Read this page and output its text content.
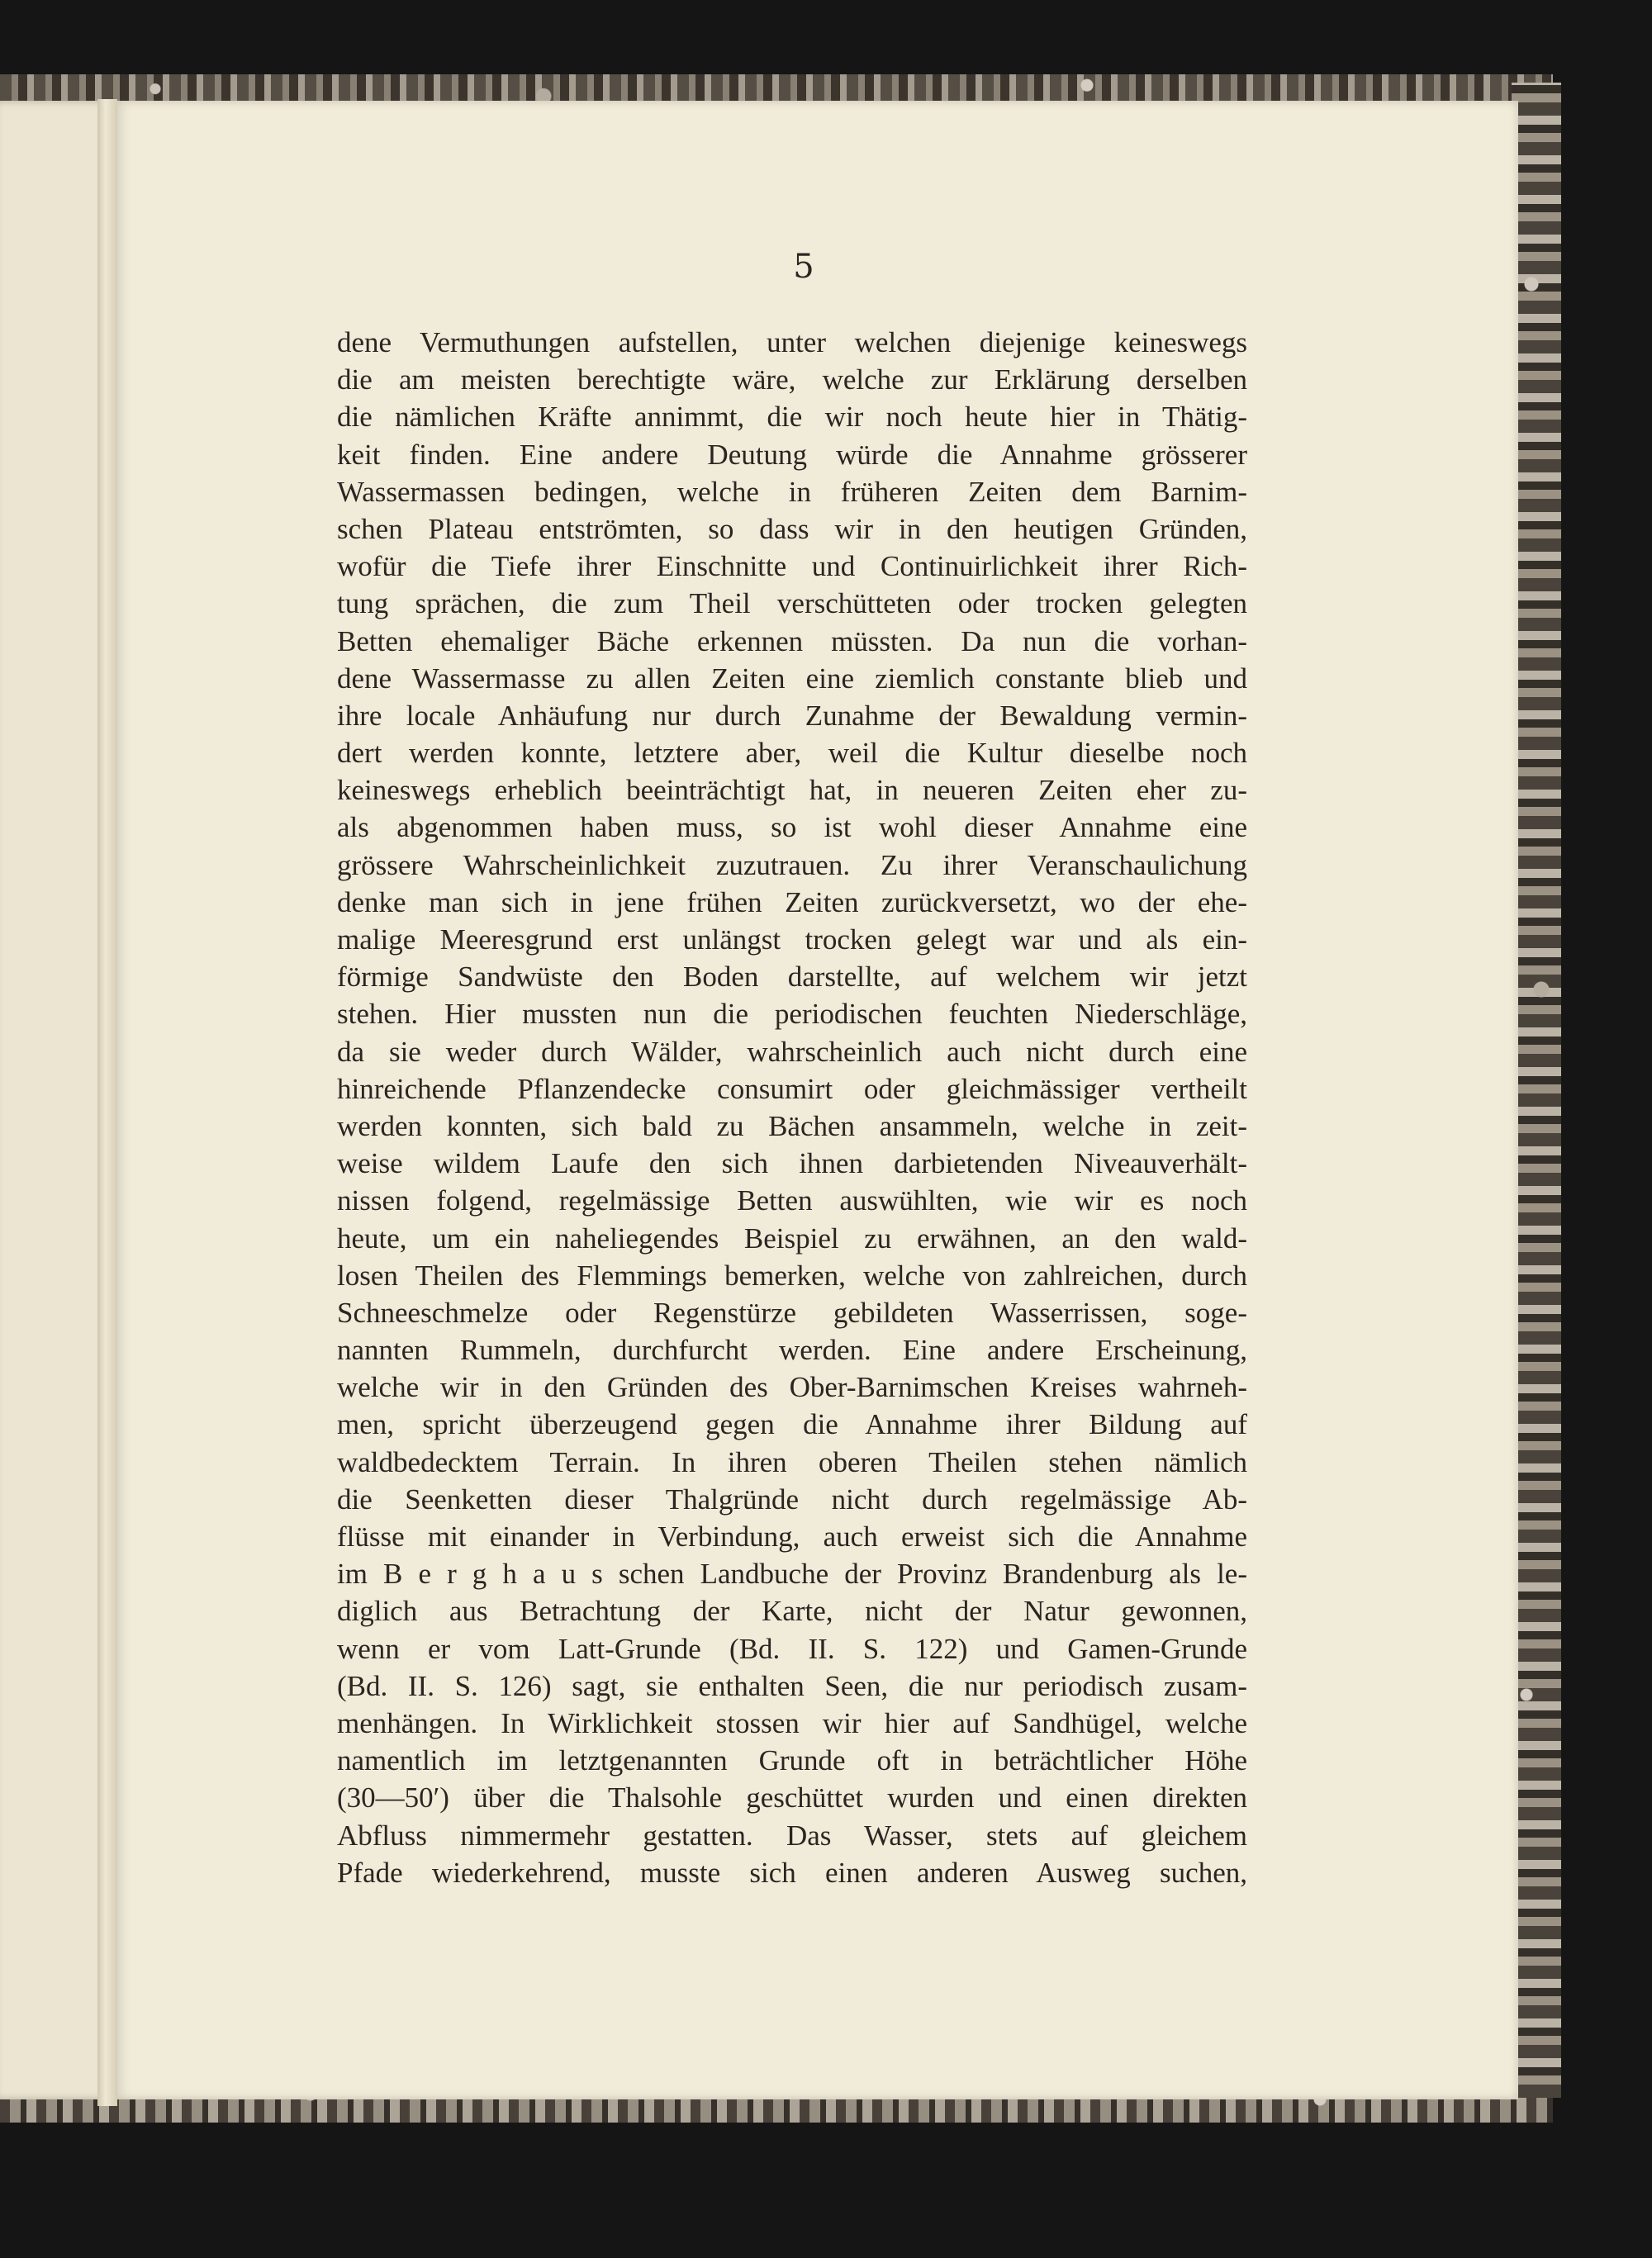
5
dene Vermuthungen aufstellen, unter welchen diejenige keineswegs
die am meisten berechtigte wäre, welche zur Erklärung derselben
die nämlichen Kräfte annimmt, die wir noch heute hier in Thätig-
keit finden. Eine andere Deutung würde die Annahme grösserer
Wassermassen bedingen, welche in früheren Zeiten dem Barnim-
schen Plateau entströmten, so dass wir in den heutigen Gründen,
wofür die Tiefe ihrer Einschnitte und Continuirlichkeit ihrer Rich-
tung sprächen, die zum Theil verschütteten oder trocken gelegten
Betten ehemaliger Bäche erkennen müssten. Da nun die vorhan-
dene Wassermasse zu allen Zeiten eine ziemlich constante blieb und
ihre locale Anhäufung nur durch Zunahme der Bewaldung vermin-
dert werden konnte, letztere aber, weil die Kultur dieselbe noch
keineswegs erheblich beeinträchtigt hat, in neueren Zeiten eher zu-
als abgenommen haben muss, so ist wohl dieser Annahme eine
grössere Wahrscheinlichkeit zuzutrauen. Zu ihrer Veranschaulichung
denke man sich in jene frühen Zeiten zurückversetzt, wo der ehe-
malige Meeresgrund erst unlängst trocken gelegt war und als ein-
förmige Sandwüste den Boden darstellte, auf welchem wir jetzt
stehen. Hier mussten nun die periodischen feuchten Niederschläge,
da sie weder durch Wälder, wahrscheinlich auch nicht durch eine
hinreichende Pflanzendecke consumirt oder gleichmässiger vertheilt
werden konnten, sich bald zu Bächen ansammeln, welche in zeit-
weise wildem Laufe den sich ihnen darbietenden Niveauverhält-
nissen folgend, regelmässige Betten auswühlten, wie wir es noch
heute, um ein naheliegendes Beispiel zu erwähnen, an den wald-
losen Theilen des Flemmings bemerken, welche von zahlreichen, durch
Schneeschmelze oder Regenstürze gebildeten Wasserrissen, soge-
nannten Rummeln, durchfurcht werden. Eine andere Erscheinung,
welche wir in den Gründen des Ober-Barnimschen Kreises wahrneh-
men, spricht überzeugend gegen die Annahme ihrer Bildung auf
waldbedecktem Terrain. In ihren oberen Theilen stehen nämlich
die Seenketten dieser Thalgründe nicht durch regelmässige Ab-
flüsse mit einander in Verbindung, auch erweist sich die Annahme
im B e r g h a u s schen Landbuche der Provinz Brandenburg als le-
diglich aus Betrachtung der Karte, nicht der Natur gewonnen,
wenn er vom Latt-Grunde (Bd. II. S. 122) und Gamen-Grunde
(Bd. II. S. 126) sagt, sie enthalten Seen, die nur periodisch zusam-
menhängen. In Wirklichkeit stossen wir hier auf Sandhügel, welche
namentlich im letztgenannten Grunde oft in beträchtlicher Höhe
(30—50′) über die Thalsohle geschüttet wurden und einen direkten
Abfluss nimmermehr gestatten. Das Wasser, stets auf gleichem
Pfade wiederkehrend, musste sich einen anderen Ausweg suchen,
